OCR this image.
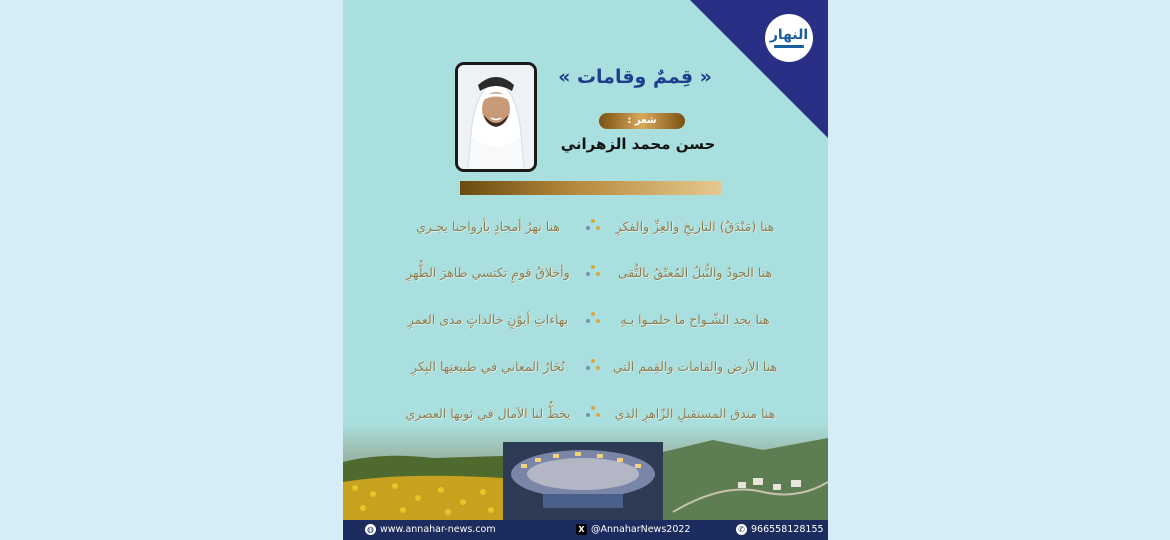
النهار
« قِممٌ وقامات »
شعر :
حسن محمد الزهراني
هنا (مَنْدَقُ) التاريخِ والعِزِّ والفكرِ
هنا نهرُ أمجادٍ بأرواحنا يجـري
هنا الجودُ والنُّبلُ المُعتّقُ بالتُّقى
وأخلاقُ قومٍ تكتسي طاهرَ الطُّهرِ
هنا يجد الشّـواح ما حلمـوا بـهِ
بهاءاتِ أيوْنٍ خالداتٍ مدى العمرِ
هنا الأرض والقامات والقِمم التي
تُحَارُ المعاني في طبيعتِها البِكرِ
هنا مندق المستقبلِ الزّاهرِ الذي
يخطُّ لنا الآمال في ثوبها العصري
◍ www.annahar-news.com	X @AnnaharNews2022	✆ 966558128155
